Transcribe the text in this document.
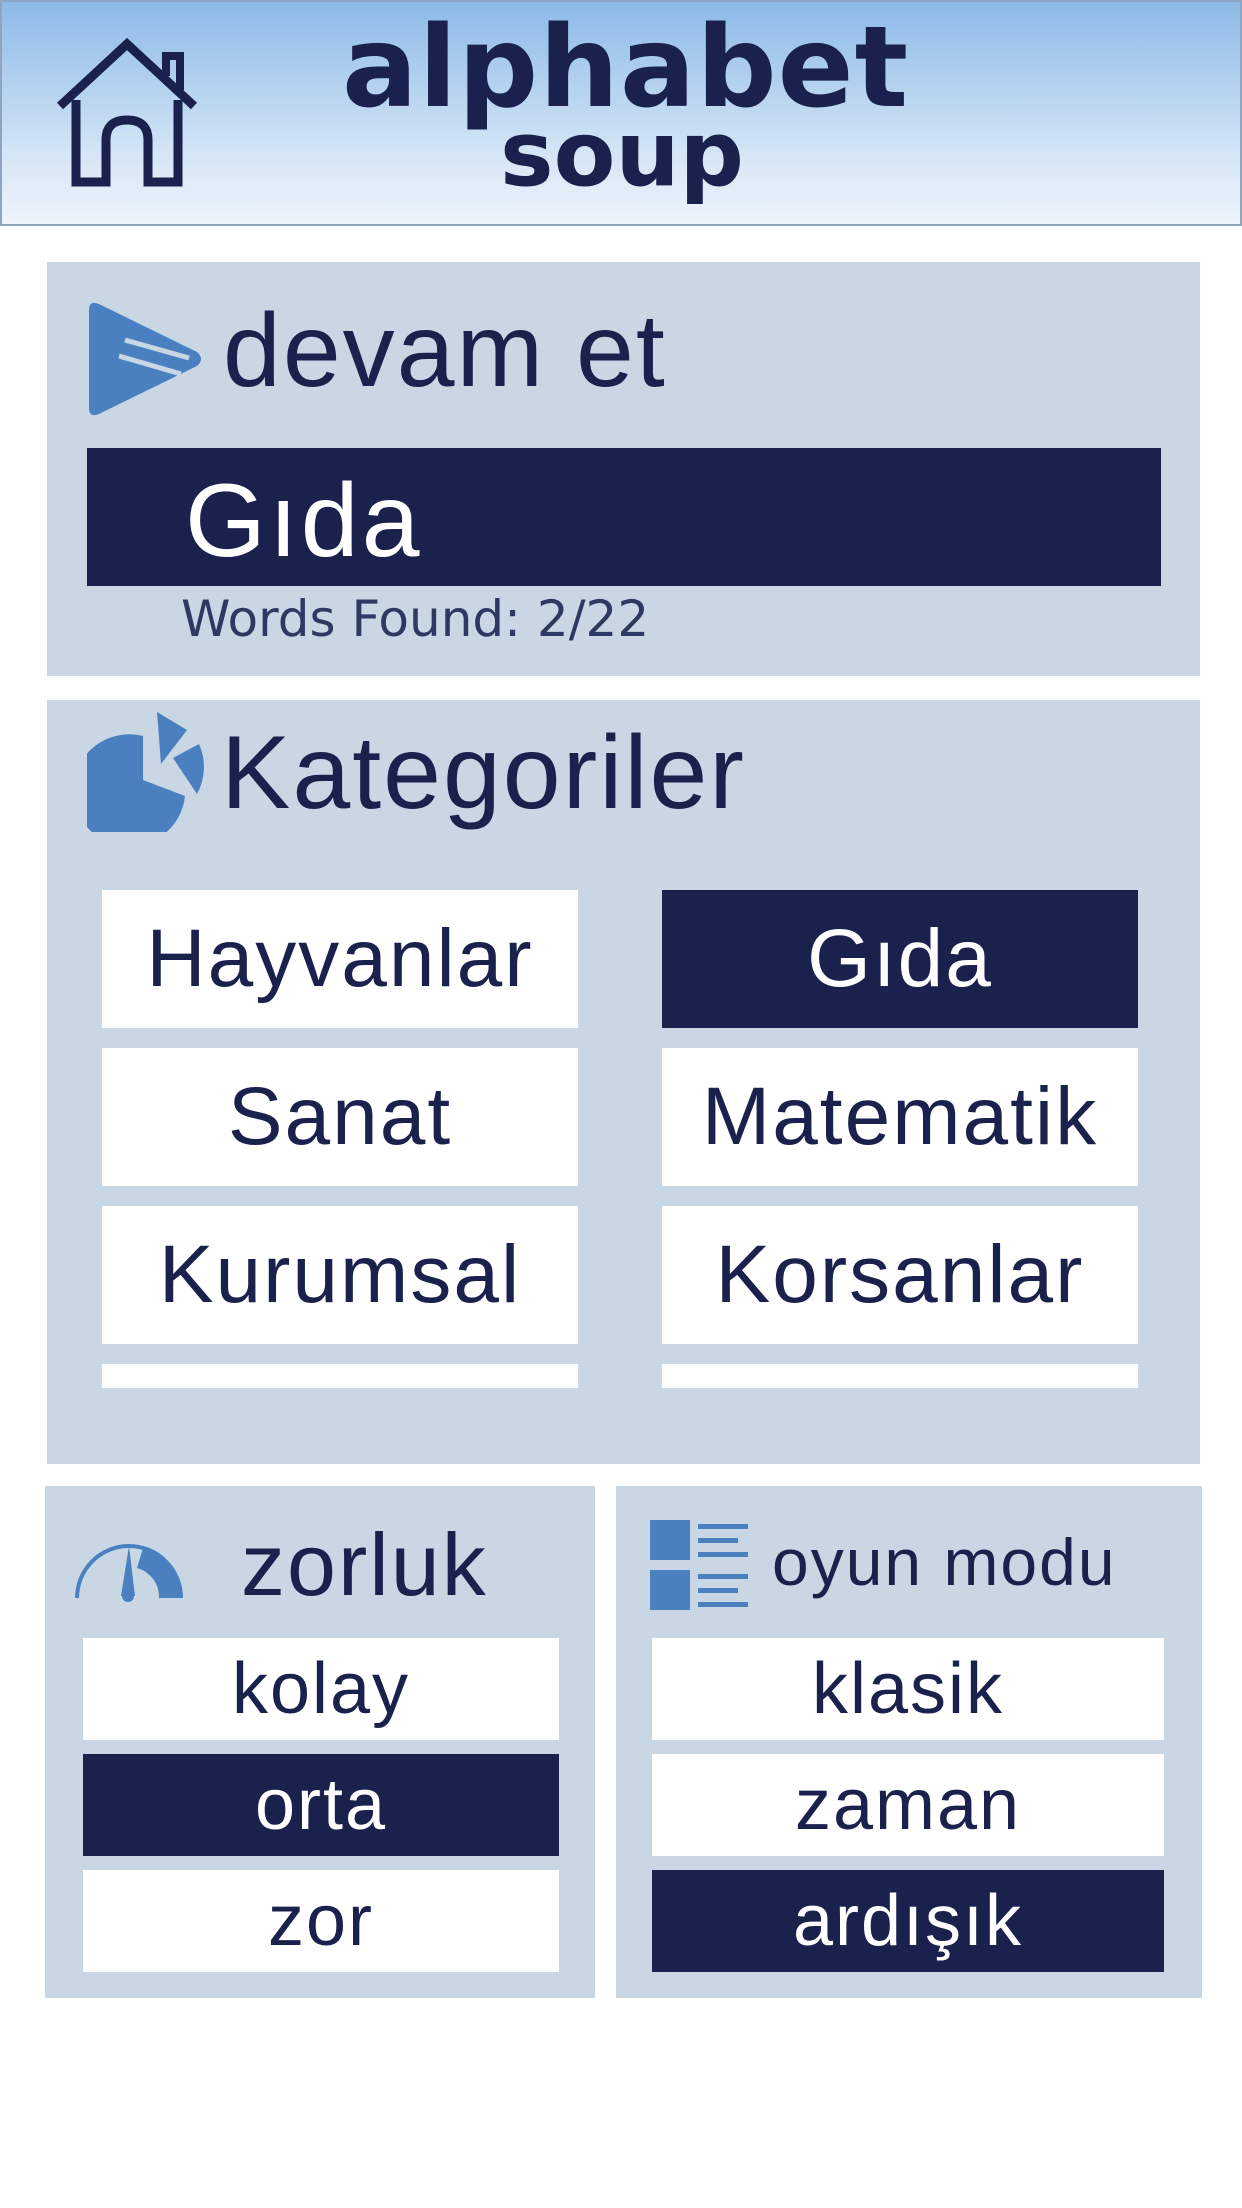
alphabet
soup
devam et
Gıda
Words Found: 2/22
Kategoriler
Hayvanlar	Gıda
Sanat	Matematik
Kurumsal	Korsanlar
zorluk
kolay
orta
zor
oyun modu
klasik
zaman
ardışık
